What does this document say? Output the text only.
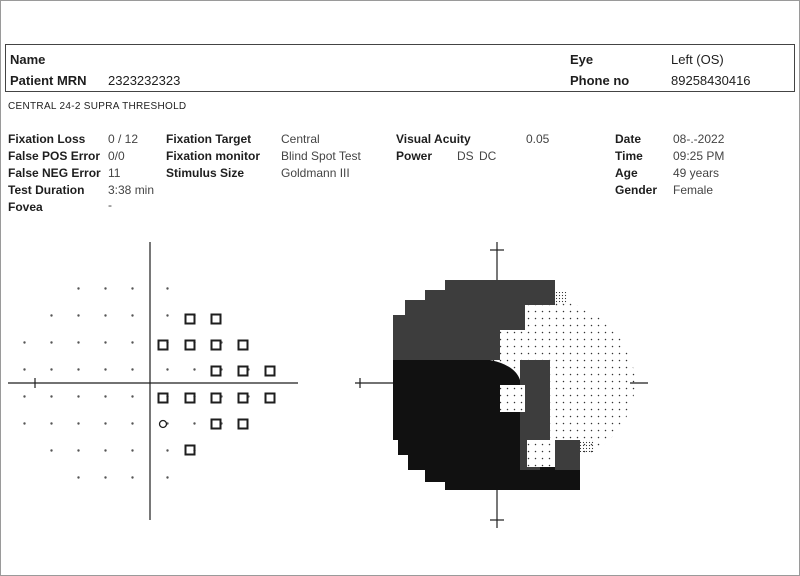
Name
Patient MRN 2323232323
Eye	Left (OS)
Phone no	89258430416
CENTRAL 24-2 SUPRA THRESHOLD
Fixation Loss 0 / 12
False POS Error 0/0
False NEG Error 11
Test Duration 3:38 min
Fovea	-
Fixation Target Central
Fixation monitor Blind Spot Test
Stimulus Size	Goldmann III
Visual Acuity	0.05
Power DS DC
Date	08-.-2022
Time	09:25 PM
Age	49 years
Gender Female
